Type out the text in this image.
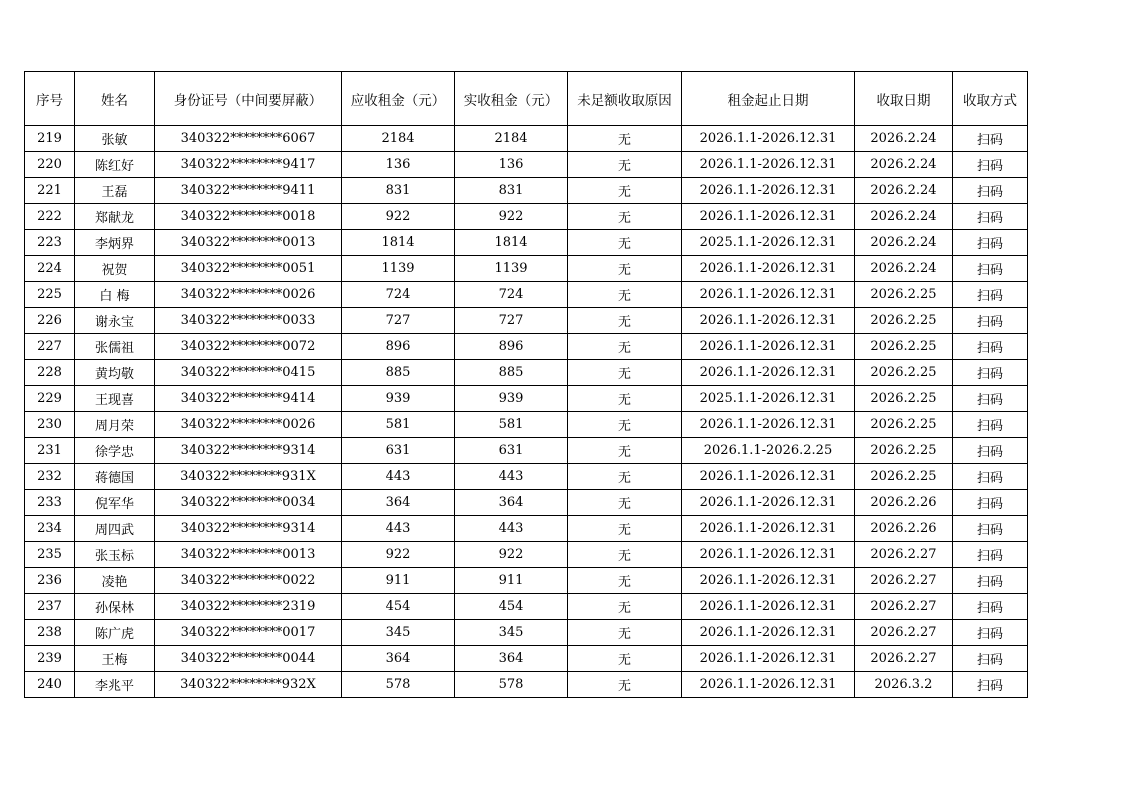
序号	姓名	身份证号（中间要屏蔽）	应收租金（元）	实收租金（元）	未足额收取原因	租金起止日期	收取日期	收取方式
219	张敏	340322********6067	2184	2184	无	2026.1.1-2026.12.31	2026.2.24	扫码
220	陈红好	340322********9417	136	136	无	2026.1.1-2026.12.31	2026.2.24	扫码
221	王磊	340322********9411	831	831	无	2026.1.1-2026.12.31	2026.2.24	扫码
222	郑献龙	340322********0018	922	922	无	2026.1.1-2026.12.31	2026.2.24	扫码
223	李炳界	340322********0013	1814	1814	无	2025.1.1-2026.12.31	2026.2.24	扫码
224	祝贺	340322********0051	1139	1139	无	2026.1.1-2026.12.31	2026.2.24	扫码
225	白 梅	340322********0026	724	724	无	2026.1.1-2026.12.31	2026.2.25	扫码
226	谢永宝	340322********0033	727	727	无	2026.1.1-2026.12.31	2026.2.25	扫码
227	张儒祖	340322********0072	896	896	无	2026.1.1-2026.12.31	2026.2.25	扫码
228	黄均敬	340322********0415	885	885	无	2026.1.1-2026.12.31	2026.2.25	扫码
229	王现喜	340322********9414	939	939	无	2025.1.1-2026.12.31	2026.2.25	扫码
230	周月荣	340322********0026	581	581	无	2026.1.1-2026.12.31	2026.2.25	扫码
231	徐学忠	340322********9314	631	631	无	2026.1.1-2026.2.25	2026.2.25	扫码
232	蒋德国	340322********931X	443	443	无	2026.1.1-2026.12.31	2026.2.25	扫码
233	倪军华	340322********0034	364	364	无	2026.1.1-2026.12.31	2026.2.26	扫码
234	周四武	340322********9314	443	443	无	2026.1.1-2026.12.31	2026.2.26	扫码
235	张玉标	340322********0013	922	922	无	2026.1.1-2026.12.31	2026.2.27	扫码
236	凌艳	340322********0022	911	911	无	2026.1.1-2026.12.31	2026.2.27	扫码
237	孙保林	340322********2319	454	454	无	2026.1.1-2026.12.31	2026.2.27	扫码
238	陈广虎	340322********0017	345	345	无	2026.1.1-2026.12.31	2026.2.27	扫码
239	王梅	340322********0044	364	364	无	2026.1.1-2026.12.31	2026.2.27	扫码
240	李兆平	340322********932X	578	578	无	2026.1.1-2026.12.31	2026.3.2	扫码
